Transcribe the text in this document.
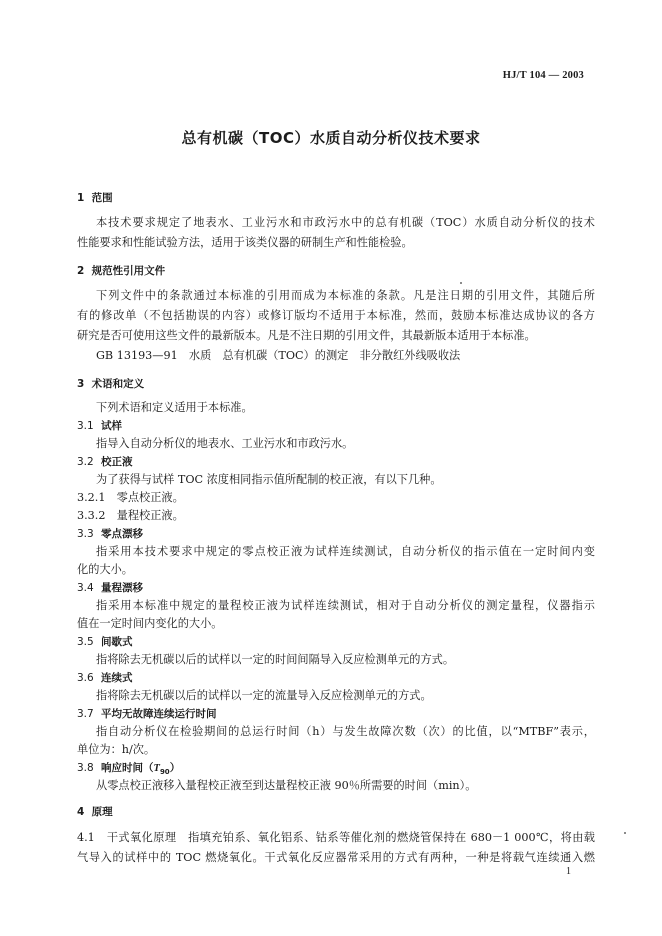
HJ/T 104 — 2003
总有机碳（TOC）水质自动分析仪技术要求
1 范围
本技术要求规定了地表水、工业污水和市政污水中的总有机碳（TOC）水质自动分析仪的技术
性能要求和性能试验方法，适用于该类仪器的研制生产和性能检验。
2 规范性引用文件
下列文件中的条款通过本标准的引用而成为本标准的条款。凡是注日期的引用文件，其随后所
有的修改单（不包括勘误的内容）或修订版均不适用于本标准，然而，鼓励本标准达成协议的各方
研究是否可使用这些文件的最新版本。凡是不注日期的引用文件，其最新版本适用于本标准。
GB 13193—91　水质　总有机碳（TOC）的测定　非分散红外线吸收法
3 术语和定义
下列术语和定义适用于本标准。
3.1 试样
指导入自动分析仪的地表水、工业污水和市政污水。
3.2 校正液
为了获得与试样 TOC 浓度相同指示值所配制的校正液，有以下几种。
3.2.1　零点校正液。
3.3.2　量程校正液。
3.3 零点漂移
指采用本技术要求中规定的零点校正液为试样连续测试，自动分析仪的指示值在一定时间内变
化的大小。
3.4 量程漂移
指采用本标准中规定的量程校正液为试样连续测试，相对于自动分析仪的测定量程，仪器指示
值在一定时间内变化的大小。
3.5 间歇式
指将除去无机碳以后的试样以一定的时间间隔导入反应检测单元的方式。
3.6 连续式
指将除去无机碳以后的试样以一定的流量导入反应检测单元的方式。
3.7 平均无故障连续运行时间
指自动分析仪在检验期间的总运行时间（h）与发生故障次数（次）的比值，以“MTBF”表示，
单位为：h/次。
3.8 响应时间$(T_{90})$
从零点校正液移入量程校正液至到达量程校正液 90％所需要的时间（min）。
4 原理
4.1　干式氧化原理　指填充铂系、氧化铝系、钴系等催化剂的燃烧管保持在 680－1 000℃，将由载
气导入的试样中的 TOC 燃烧氧化。干式氧化反应器常采用的方式有两种，一种是将载气连续通入燃
1
